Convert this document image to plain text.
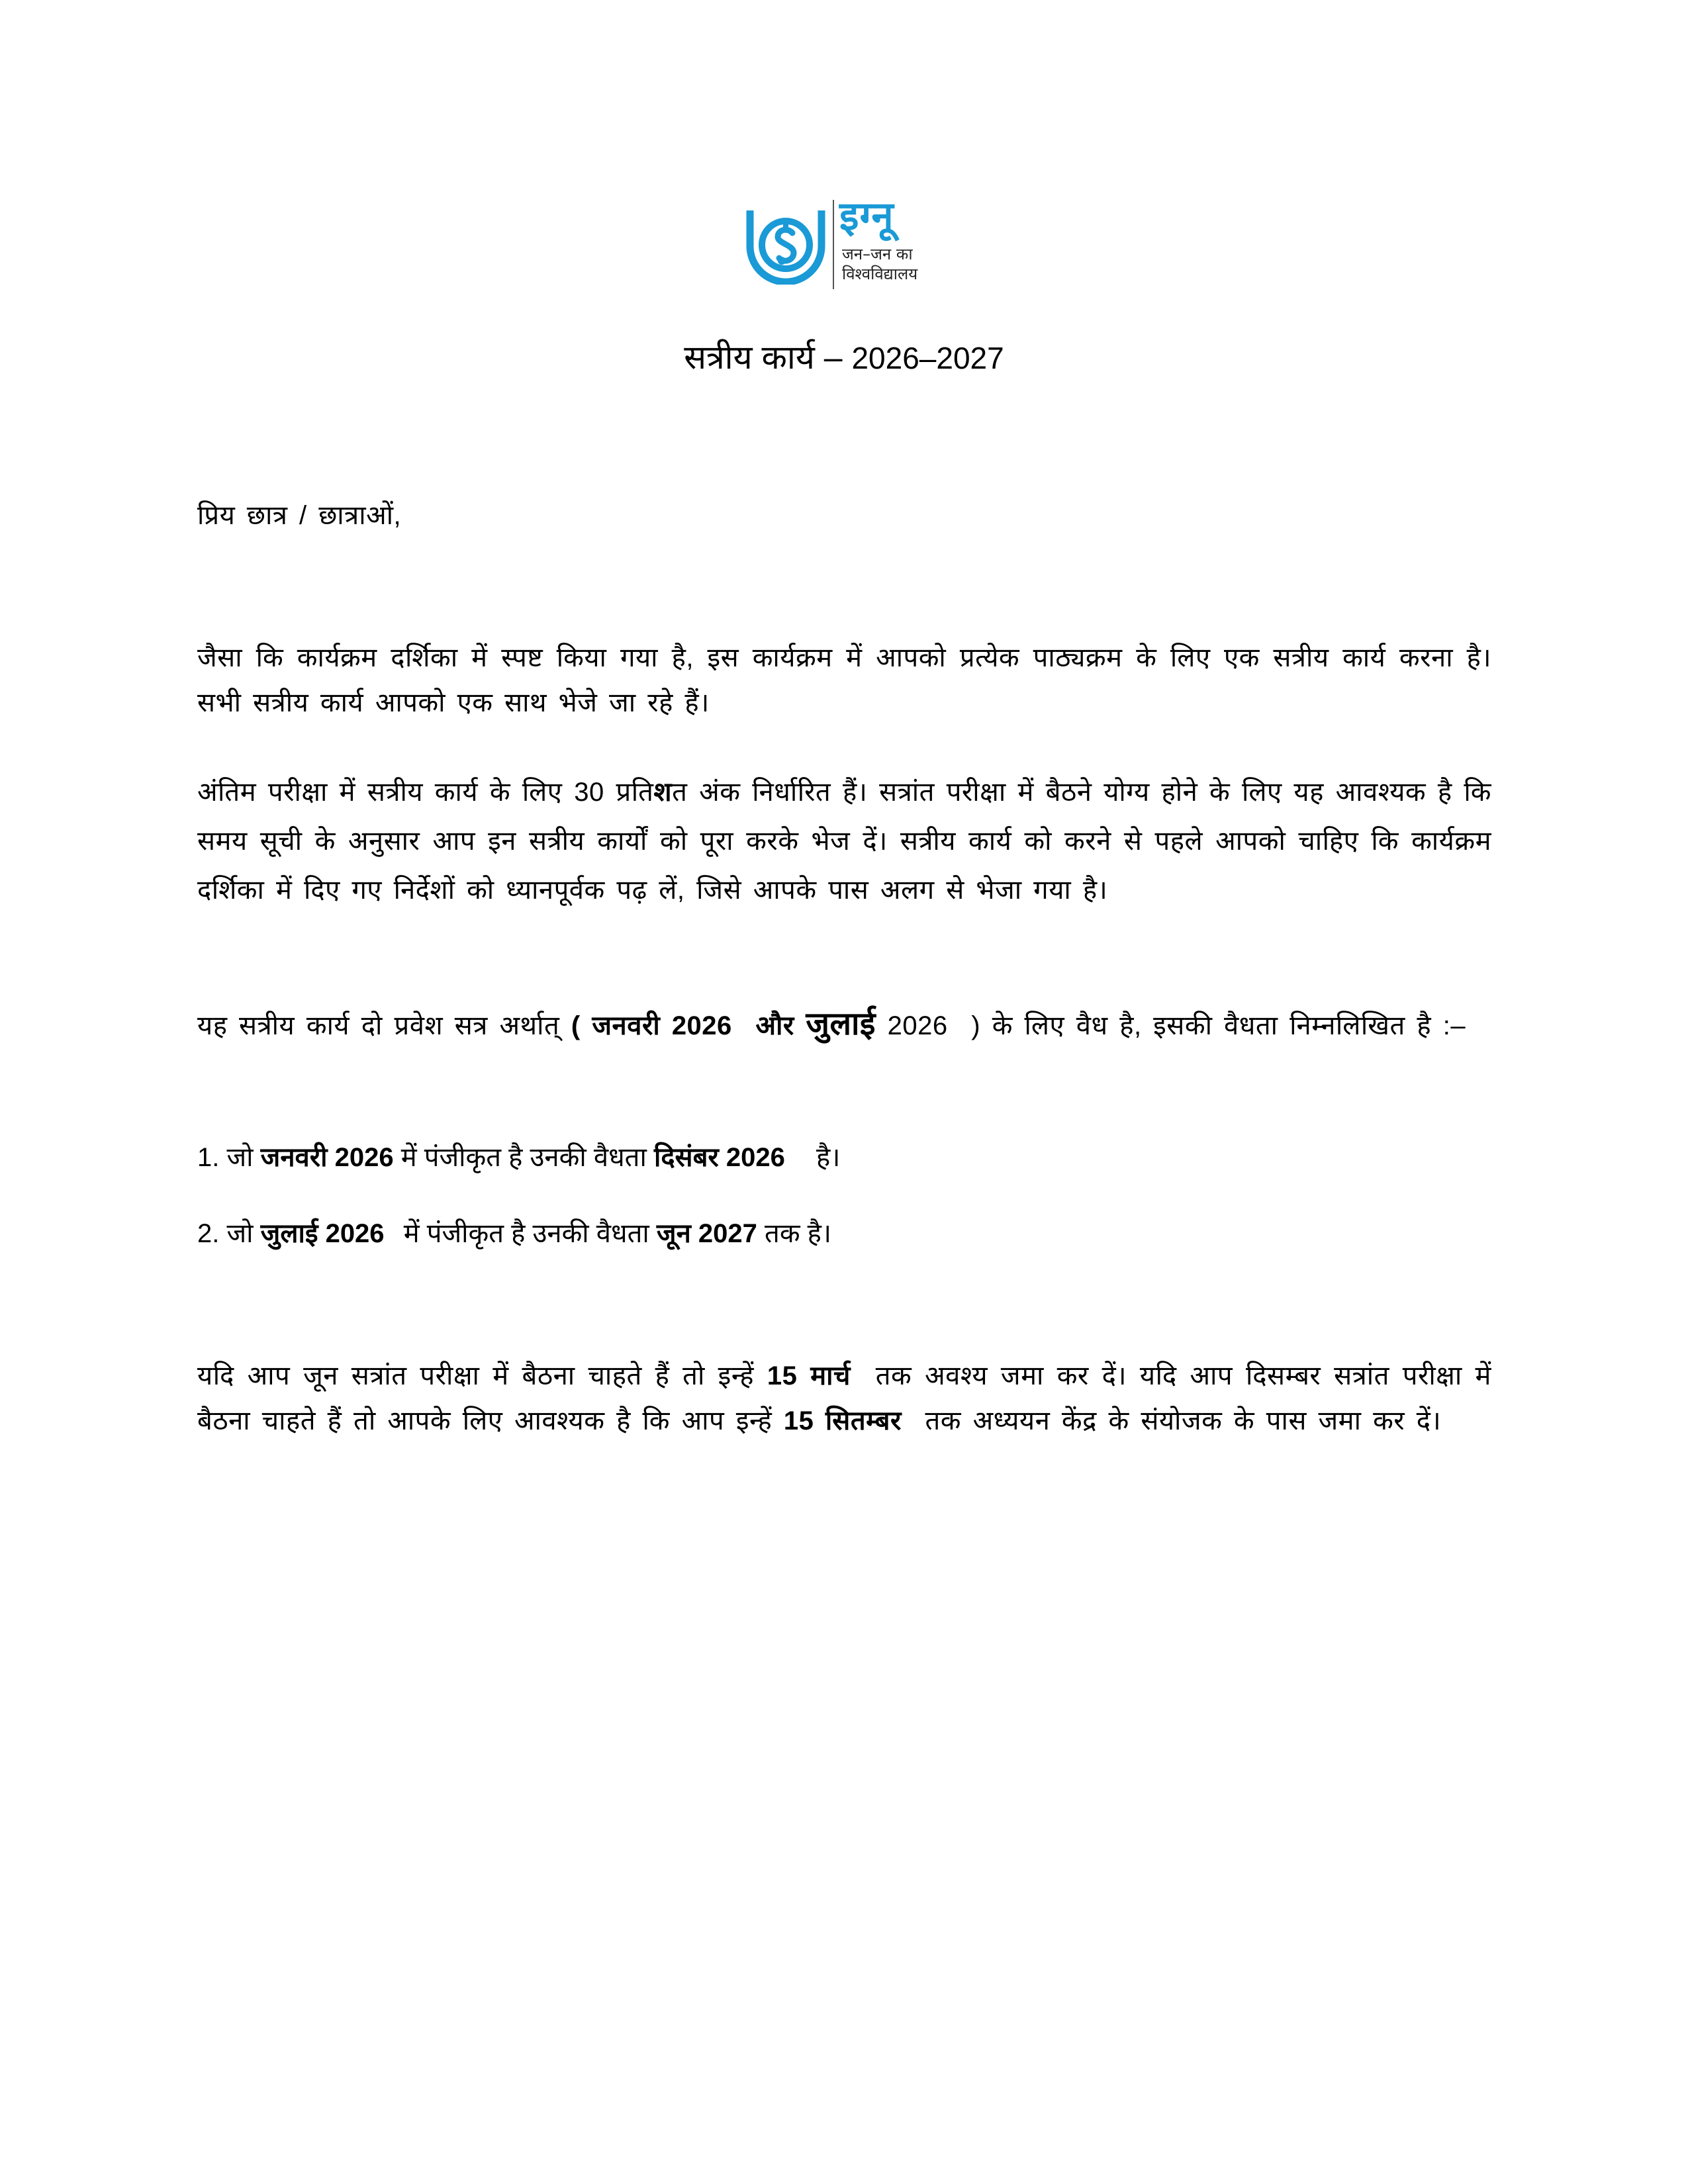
इग्नू
जन–जन का
विश्वविद्यालय
सत्रीय कार्य – 2026–2027
प्रिय छात्र / छात्राओं,
जैसा कि कार्यक्रम दर्शिका में स्पष्ट किया गया है, इस कार्यक्रम में आपको प्रत्येक पाठ्यक्रम के लिए एक सत्रीय कार्य करना है। सभी सत्रीय कार्य आपको एक साथ भेजे जा रहे हैं।
अंतिम परीक्षा में सत्रीय कार्य के लिए 30 प्रतिशत अंक निर्धारित हैं। सत्रांत परीक्षा में बैठने योग्य होने के लिए यह आवश्यक है कि समय सूची के अनुसार आप इन सत्रीय कार्यों को पूरा करके भेज दें। सत्रीय कार्य को करने से पहले आपको चाहिए कि कार्यक्रम दर्शिका में दिए गए निर्देशों को ध्यानपूर्वक पढ़ लें, जिसे आपके पास अलग से भेजा गया है।
यह सत्रीय कार्य दो प्रवेश सत्र अर्थात् ( जनवरी 2026 और जुलाई 2026 ) के लिए वैध है, इसकी वैधता निम्नलिखित है :–
1. जो जनवरी 2026 में पंजीकृत है उनकी वैधता दिसंबर 2026 है।
2. जो जुलाई 2026 में पंजीकृत है उनकी वैधता जून 2027 तक है।
यदि आप जून सत्रांत परीक्षा में बैठना चाहते हैं तो इन्हें 15 मार्च तक अवश्य जमा कर दें। यदि आप दिसम्बर सत्रांत परीक्षा में बैठना चाहते हैं तो आपके लिए आवश्यक है कि आप इन्हें 15 सितम्बर तक अध्ययन केंद्र के संयोजक के पास जमा कर दें।
